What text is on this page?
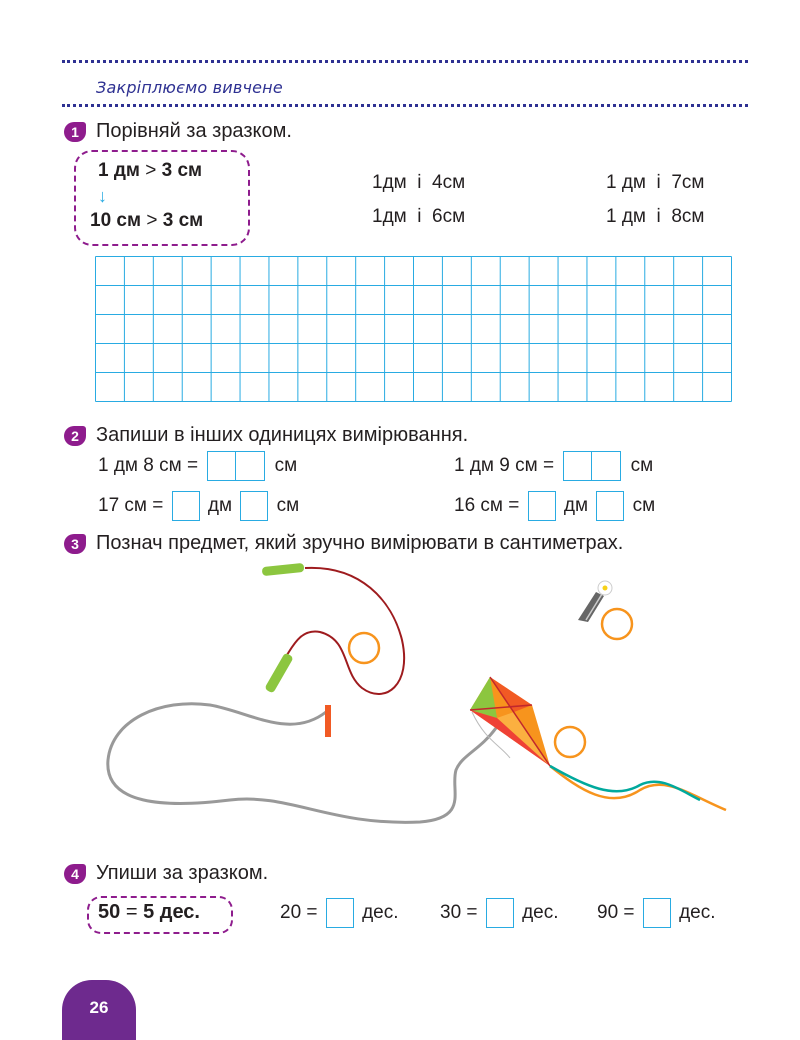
Закріплюємо вивчене
1 Порівняй за зразком.
1 дм > 3 см
↓
10 см > 3 см
1дм  і  4см	1 дм  і  7см
1дм  і  6см	1 дм  і  8см
2 Запиши в інших одиницях вимірювання.
1 дм 8 см =	см	1 дм 9 см =	см
17 см = дм см	16 см = дм см
3 Познач предмет, який зручно вимірювати в сантиметрах.
4 Упиши за зразком.
50 = 5 дес.	20 = дес. 30 = дес. 90 = дес.
26
